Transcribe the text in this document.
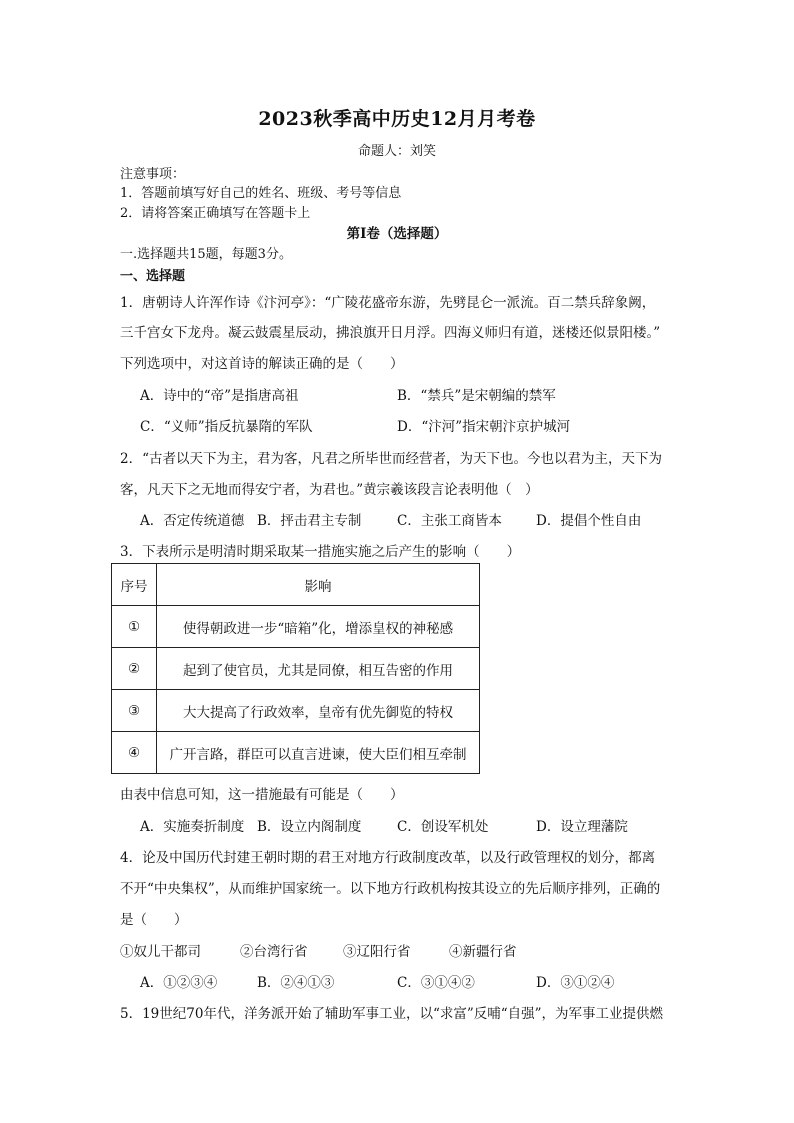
2023秋季高中历史12月月考卷
命题人：刘笑
注意事项：
1．答题前填写好自己的姓名、班级、考号等信息
2．请将答案正确填写在答题卡上
第I卷（选择题）
一.选择题共15题，每题3分。
一、选择题
1．唐朝诗人许浑作诗《汴河亭》：“广陵花盛帝东游，先劈昆仑一派流。百二禁兵辞象阙，
三千宫女下龙舟。凝云鼓震星辰动，拂浪旗开日月浮。四海义师归有道，迷楼还似景阳楼。”
下列选项中，对这首诗的解读正确的是（　　）
A．诗中的“帝”是指唐高祖	B．“禁兵”是宋朝编的禁军
C．“义师”指反抗暴隋的军队	D．“汴河”指宋朝汴京护城河
2．“古者以天下为主，君为客，凡君之所毕世而经营者，为天下也。今也以君为主，天下为
客，凡天下之无地而得安宁者，为君也。”黄宗羲该段言论表明他（　）
A．否定传统道德 B．抨击君主专制	C．主张工商皆本	D．提倡个性自由
3．下表所示是明清时期采取某一措施实施之后产生的影响（　　）
序号	影响
①	使得朝政进一步“暗箱”化，增添皇权的神秘感
②	起到了使官员，尤其是同僚，相互告密的作用
③	大大提高了行政效率，皇帝有优先御览的特权
④	广开言路，群臣可以直言进谏，使大臣们相互牵制
由表中信息可知，这一措施最有可能是（　　）
A．实施奏折制度 B．设立内阁制度	C．创设军机处	D．设立理藩院
4．论及中国历代封建王朝时期的君王对地方行政制度改革，以及行政管理权的划分，都离
不开“中央集权”，从而维护国家统一。以下地方行政机构按其设立的先后顺序排列，正确的
是（　　）
①奴儿干都司	②台湾行省	③辽阳行省	④新疆行省
A．①②③④	B．②④①③	C．③①④②	D．③①②④
5．19世纪70年代，洋务派开始了辅助军事工业，以“求富”反哺“自强”，为军事工业提供燃
